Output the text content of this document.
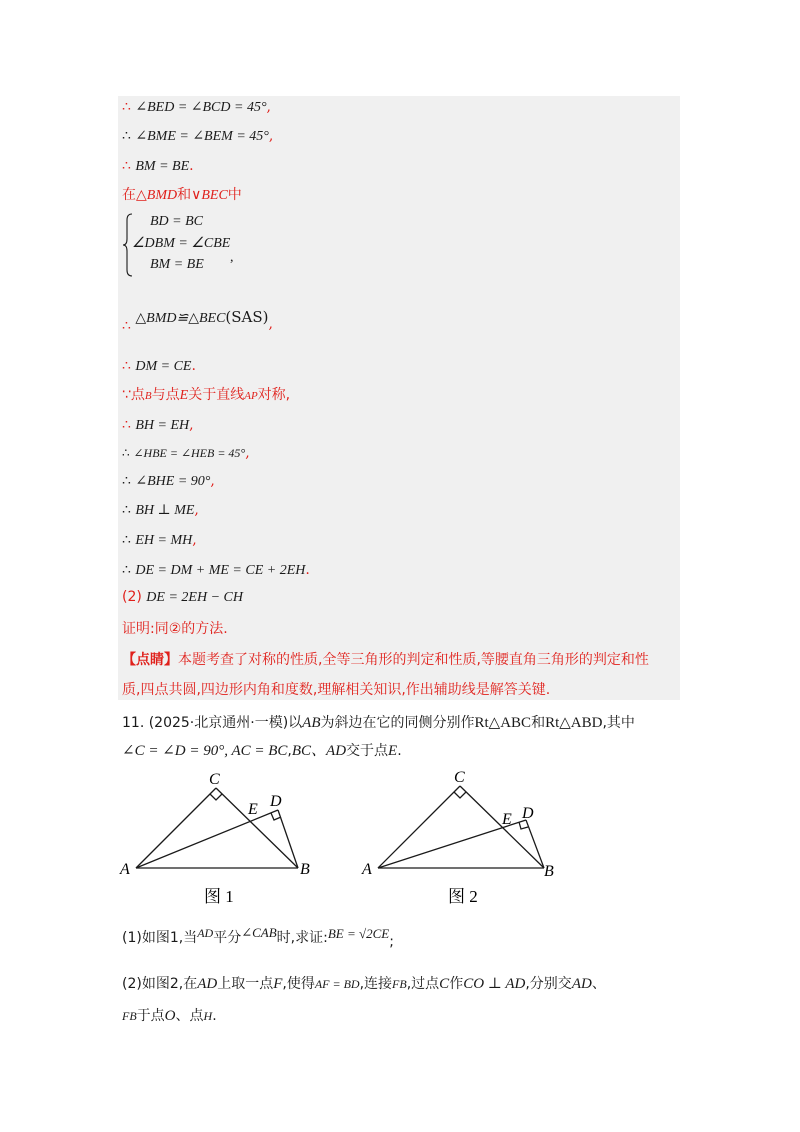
∴ ∠BED = ∠BCD = 45°,
∴ ∠BME = ∠BEM = 45°,
∴ BM = BE.
在△BMD和∨BEC中
BD = BC
∠DBM = ∠CBE
BM = BE ,
∴ △BMD≌△BEC(SAS),
∴ DM = CE.
∵点B与点E关于直线AP对称,
∴ BH = EH,
∴ ∠HBE = ∠HEB = 45°,
∴ ∠BHE = 90°,
∴ BH ⊥ ME,
∴ EH = MH,
∴ DE = DM + ME = CE + 2EH.
(2) DE = 2EH − CH
证明:同②的方法.
【点睛】本题考查了对称的性质,全等三角形的判定和性质,等腰直角三角形的判定和性
质,四点共圆,四边形内角和度数,理解相关知识,作出辅助线是解答关键.
11. (2025·北京通州·一模)以AB为斜边在它的同侧分别作Rt△ABC和Rt△ABD,其中
∠C = ∠D = 90°, AC = BC,BC、AD交于点E.
A	B
C
D
E
图 1
A	B
C
D
E
图 2
(1)如图1,当AD平分∠CAB时,求证:BE = √2CE;
(2)如图2,在AD上取一点F,使得AF = BD,连接FB,过点C作CO ⊥ AD,分别交AD、
FB于点O、点H.
